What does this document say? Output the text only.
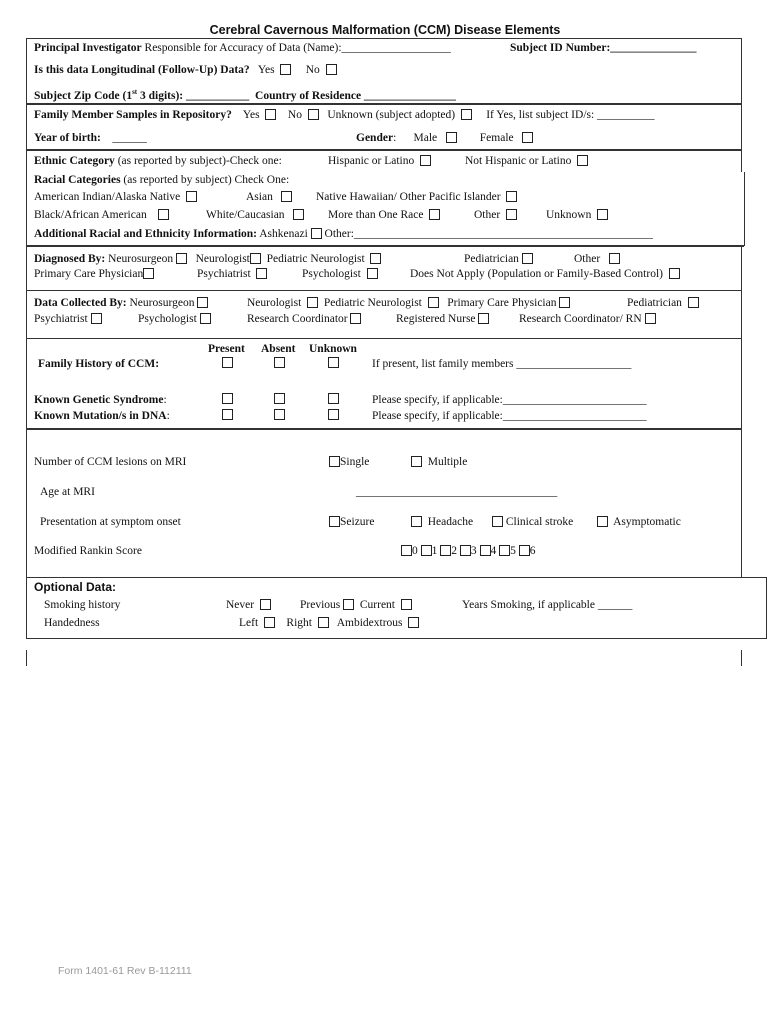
Cerebral Cavernous Malformation (CCM) Disease Elements
Principal Investigator Responsible for Accuracy of Data (Name):___________________	Subject ID Number:_______________
Is this data Longitudinal (Follow-Up) Data? Yes	No
Subject Zip Code (1st 3 digits): ___________ Country of Residence ________________
Family Member Samples in Repository? Yes No Unknown (subject adopted)	If Yes, list subject ID/s: __________
Year of birth: ______	Gender: Male	Female
Ethnic Category (as reported by subject)-Check one:	Hispanic or Latino	Not Hispanic or Latino
Racial Categories (as reported by subject) Check One:
American Indian/Alaska Native	Asian	Native Hawaiian/ Other Pacific Islander
Black/African American	White/Caucasian	More than One Race	Other	Unknown
Additional Racial and Ethnicity Information: Ashkenazi Other:____________________________________________________
Diagnosed By: Neurosurgeon Neurologist Pediatric Neurologist	Pediatrician	Other
Primary Care Physician	Psychiatrist	Psychologist	Does Not Apply (Population or Family-Based Control)
Data Collected By: Neurosurgeon	Neurologist Pediatric Neurologist Primary Care Physician	Pediatrician
Psychiatrist	Psychologist	Research Coordinator	Registered Nurse	Research Coordinator/ RN
Present Absent Unknown
Family History of CCM:	If present, list family members ____________________
Known Genetic Syndrome:	Please specify, if applicable:_________________________
Known Mutation/s in DNA:	Please specify, if applicable:_________________________
Number of CCM lesions on MRI	Single	Multiple
Age at MRI	___________________________________
Presentation at symptom onset	Seizure	Headache	Clinical stroke	Asymptomatic
Modified Rankin Score	0 1 2 3 4 5 6
Optional Data:
Smoking history	Never	Previous Current	Years Smoking, if applicable ______
Handedness	Left Right Ambidextrous
Form 1401-61 Rev B-112111
